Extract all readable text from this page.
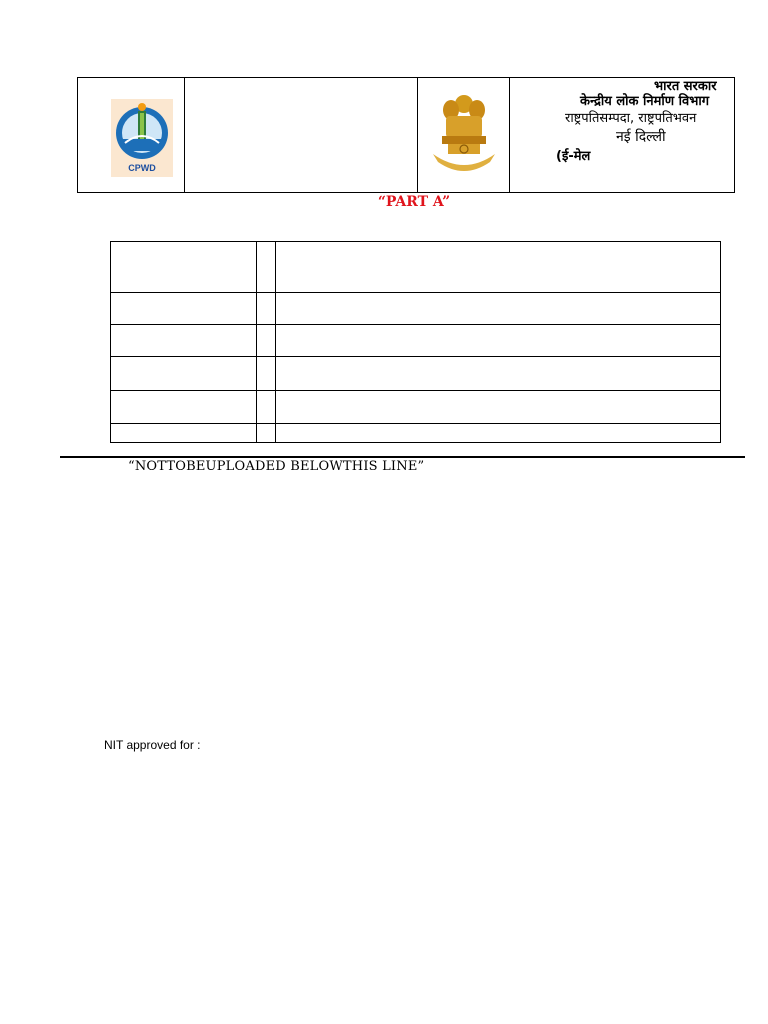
CPWD
भारत सरकार
केन्द्रीय लोक निर्माण विभाग
राष्ट्रपतिसम्पदा, राष्ट्रपतिभवन
नई दिल्ली
(ई-मेल
“PART A”

“NOTTOBEUPLOADED BELOWTHIS LINE”
NIT approved for :
